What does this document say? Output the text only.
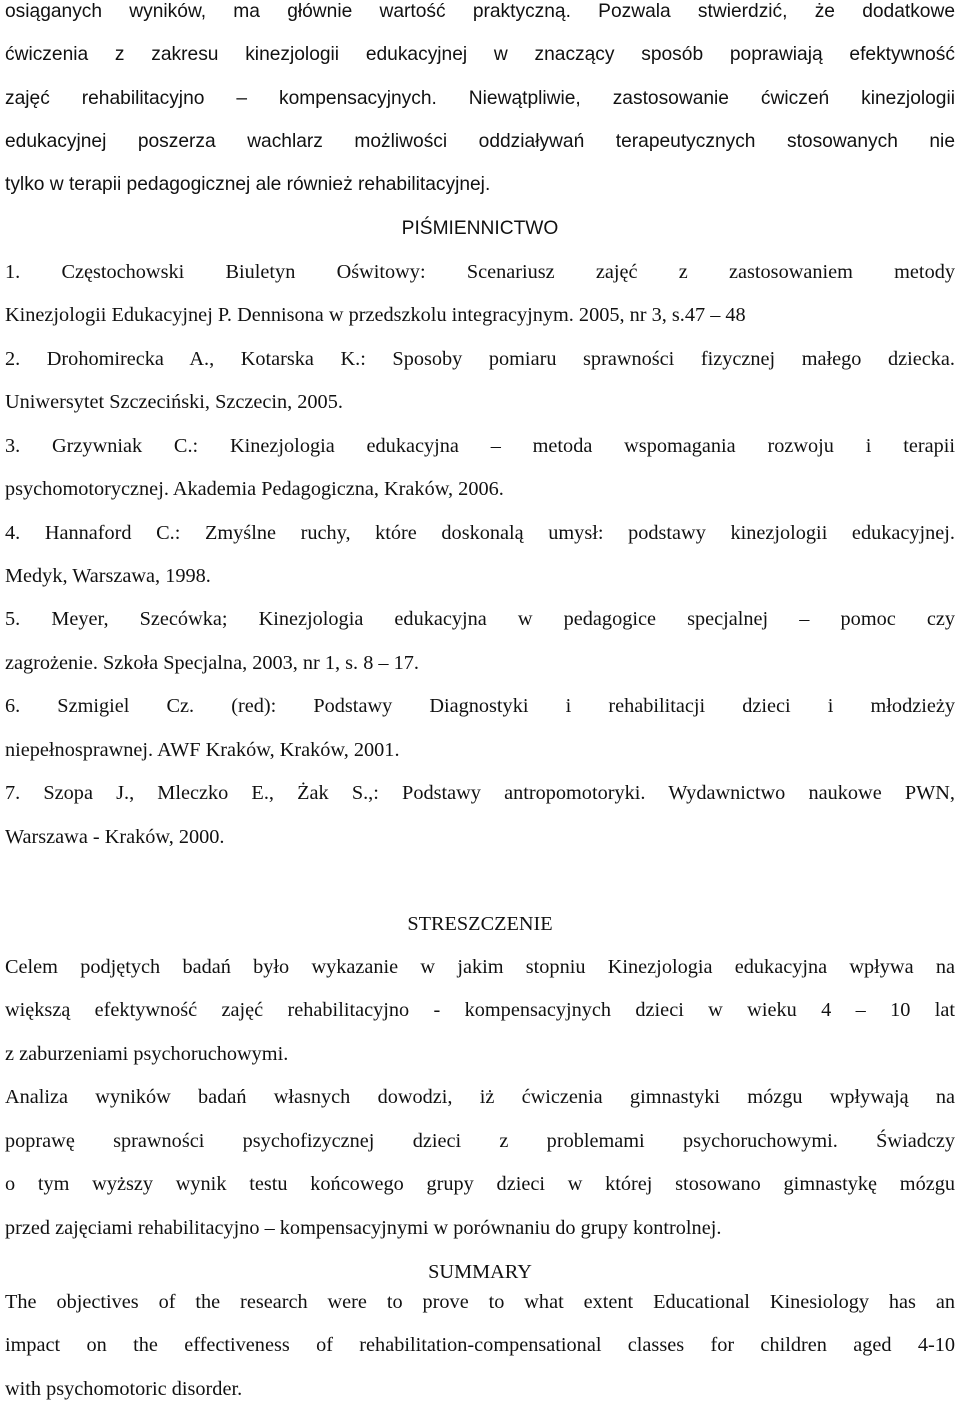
osiąganych wyników, ma głównie wartość praktyczną. Pozwala stwierdzić, że dodatkowe
ćwiczenia z zakresu kinezjologii edukacyjnej w znaczący sposób poprawiają efektywność
zajęć rehabilitacyjno – kompensacyjnych. Niewątpliwie, zastosowanie ćwiczeń kinezjologii
edukacyjnej poszerza wachlarz możliwości oddziaływań terapeutycznych stosowanych nie
tylko w terapii pedagogicznej ale również rehabilitacyjnej.
PIŚMIENNICTWO
1. Częstochowski Biuletyn Oświtowy: Scenariusz zajęć z zastosowaniem metody
Kinezjologii Edukacyjnej P. Dennisona w przedszkolu integracyjnym. 2005, nr 3, s.47 – 48
2. Drohomirecka A., Kotarska K.: Sposoby pomiaru sprawności fizycznej małego dziecka.
Uniwersytet Szczeciński, Szczecin, 2005.
3. Grzywniak C.: Kinezjologia edukacyjna – metoda wspomagania rozwoju i terapii
psychomotorycznej. Akademia Pedagogiczna, Kraków, 2006.
4. Hannaford C.: Zmyślne ruchy, które doskonalą umysł: podstawy kinezjologii edukacyjnej.
Medyk, Warszawa, 1998.
5. Meyer, Szecówka; Kinezjologia edukacyjna w pedagogice specjalnej – pomoc czy
zagrożenie. Szkoła Specjalna, 2003, nr 1, s. 8 – 17.
6. Szmigiel Cz. (red): Podstawy Diagnostyki i rehabilitacji dzieci i młodzieży
niepełnosprawnej. AWF Kraków, Kraków, 2001.
7. Szopa J., Mleczko E., Żak S.,: Podstawy antropomotoryki. Wydawnictwo naukowe PWN,
Warszawa - Kraków, 2000.
STRESZCZENIE
Celem podjętych badań było wykazanie w jakim stopniu Kinezjologia edukacyjna wpływa na
większą efektywność zajęć rehabilitacyjno - kompensacyjnych dzieci w wieku 4 – 10 lat
z zaburzeniami psychoruchowymi.
Analiza wyników badań własnych dowodzi, iż ćwiczenia gimnastyki mózgu wpływają na
poprawę sprawności psychofizycznej dzieci z problemami psychoruchowymi. Świadczy
o tym wyższy wynik testu końcowego grupy dzieci w której stosowano gimnastykę mózgu
przed zajęciami rehabilitacyjno – kompensacyjnymi w porównaniu do grupy kontrolnej.
SUMMARY
The objectives of the research were to prove to what extent Educational Kinesiology has an
impact on the effectiveness of rehabilitation-compensational classes for children aged 4-10
with psychomotoric disorder.
